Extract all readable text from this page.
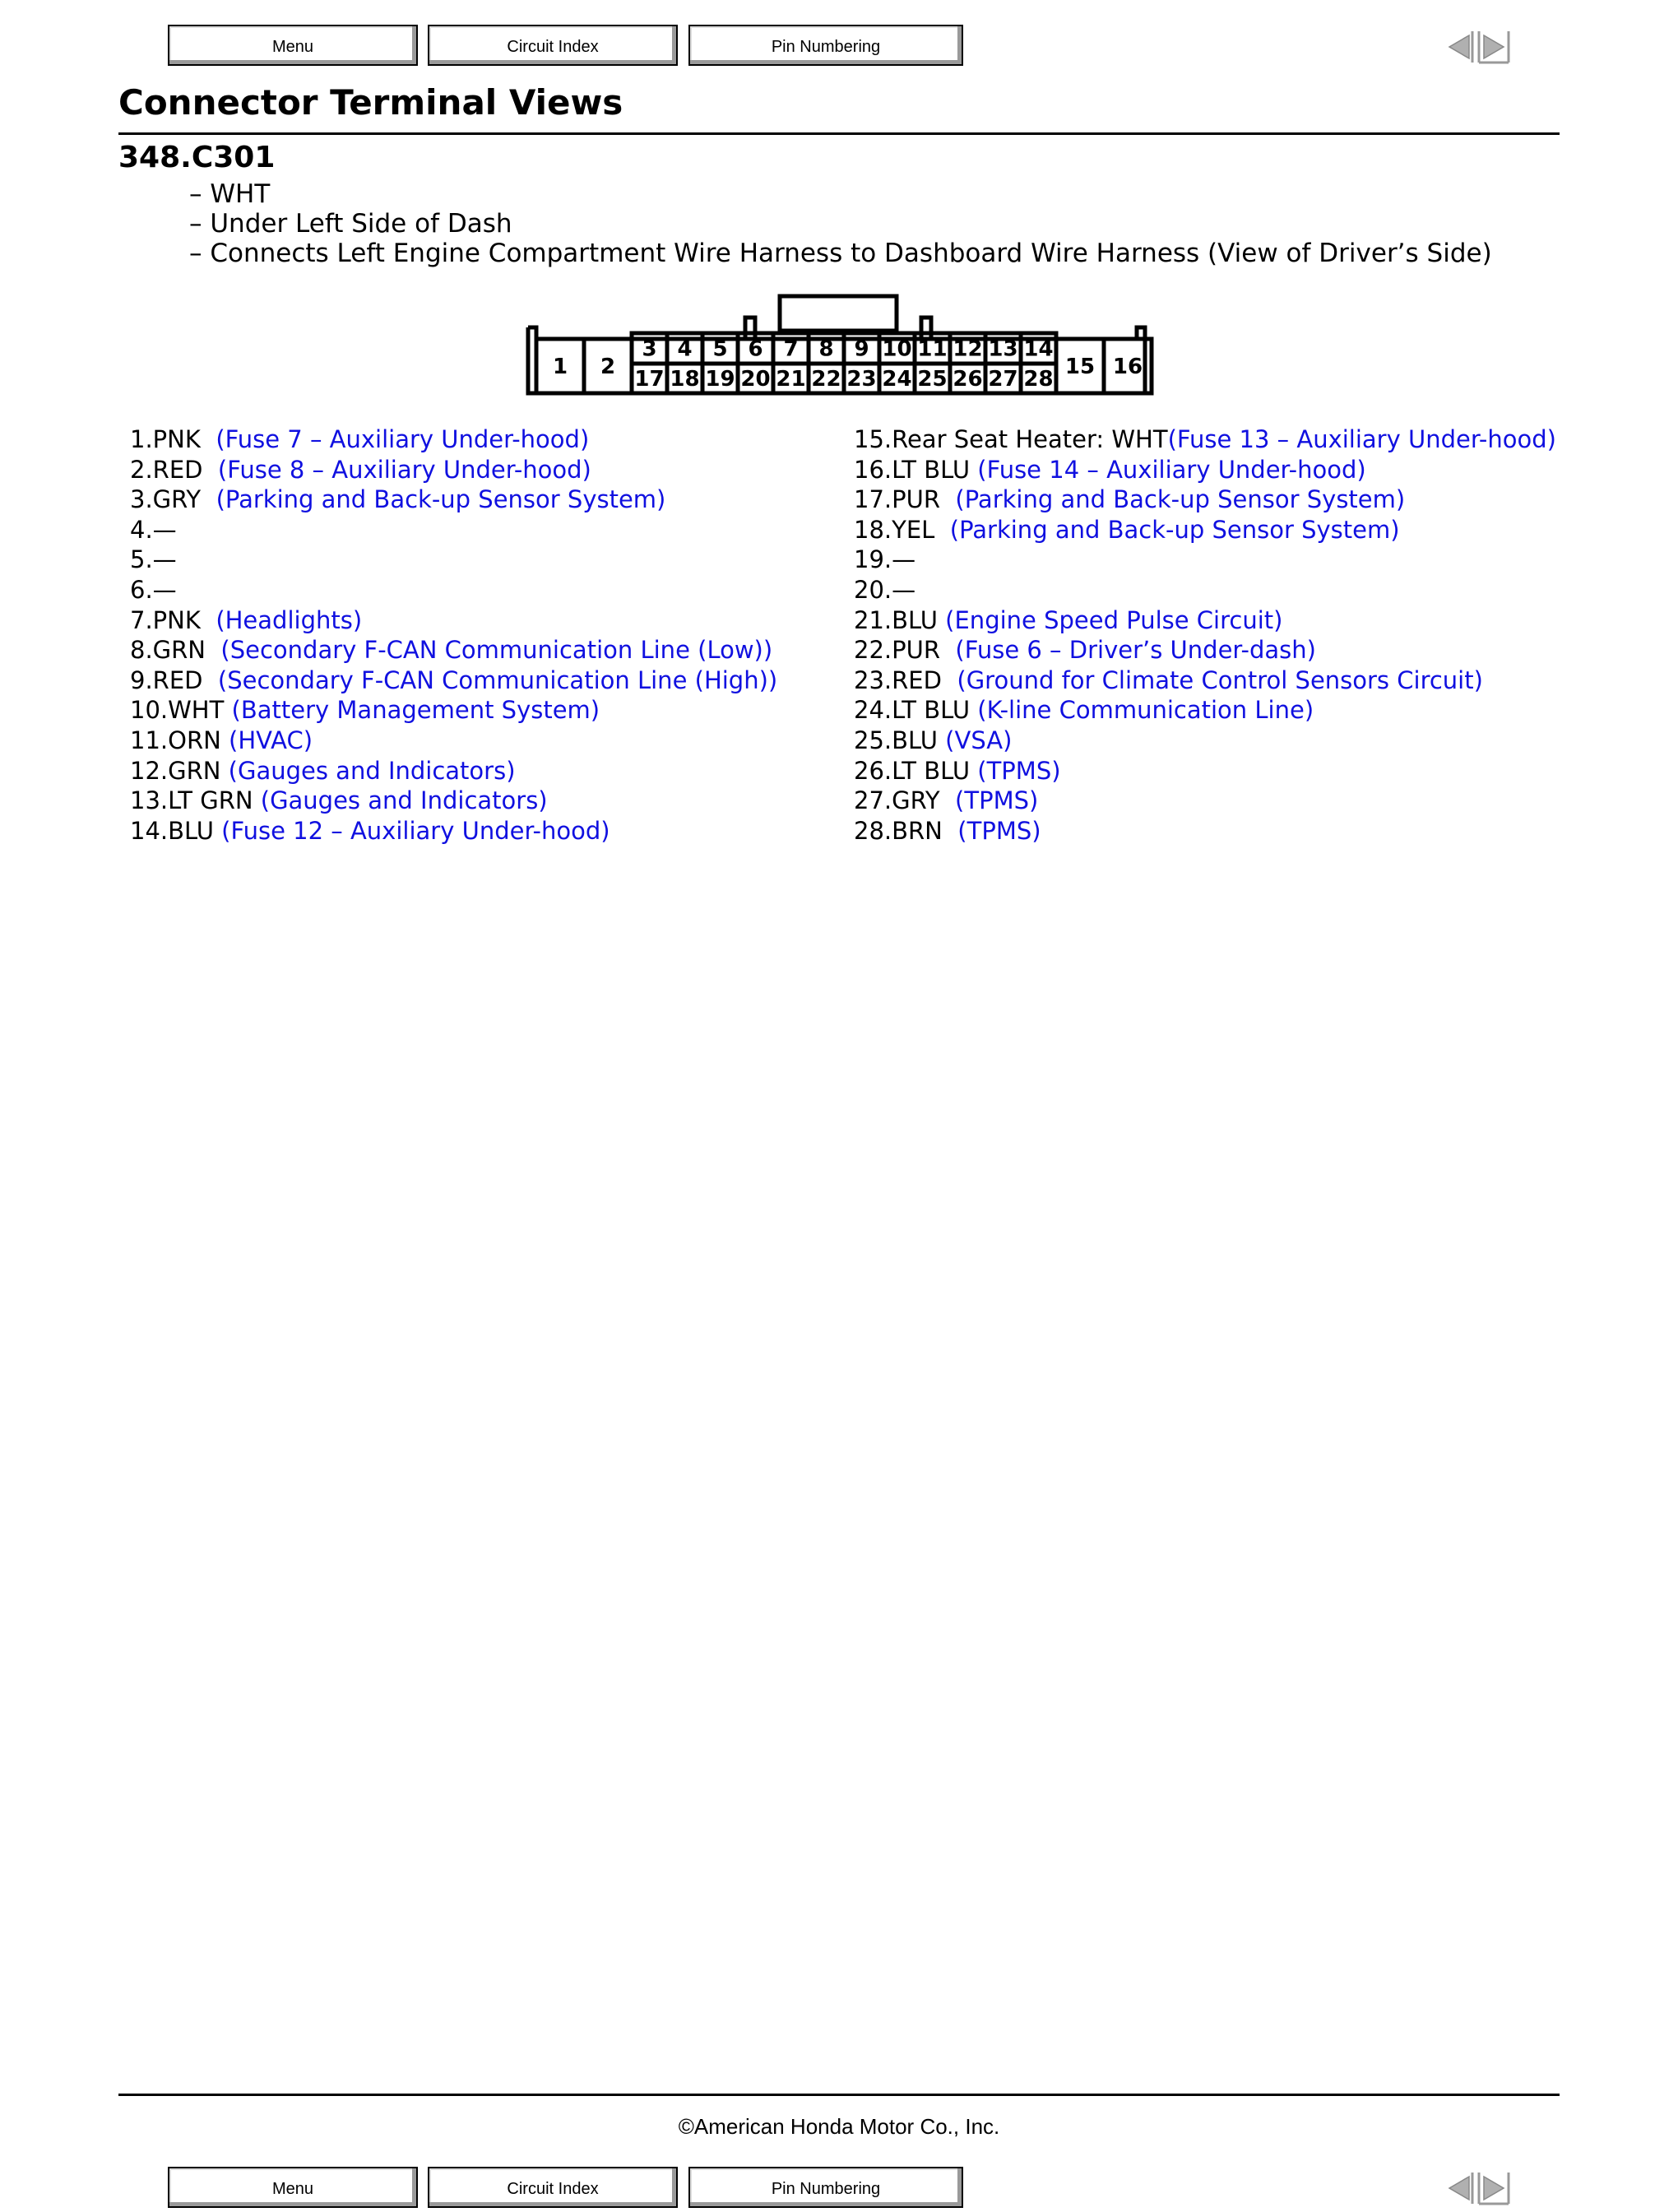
Menu	Circuit Index	Pin Numbering
Connector Terminal Views
348.C301
– WHT
– Under Left Side of Dash
– Connects Left Engine Compartment Wire Harness to Dashboard Wire Harness (View of Driver’s Side)
1 2
3 4 5 6 7 8 9 10 11 12 13 14
17 18 19 20 21 22 23 24 25 26 27 28 15 16
1.PNK  (Fuse 7 – Auxiliary Under-hood)
2.RED  (Fuse 8 – Auxiliary Under-hood)
3.GRY  (Parking and Back-up Sensor System)
4.—
5.—
6.—
7.PNK  (Headlights)
8.GRN  (Secondary F-CAN Communication Line (Low))
9.RED  (Secondary F-CAN Communication Line (High))
10.WHT (Battery Management System)
11.ORN (HVAC)
12.GRN (Gauges and Indicators)
13.LT GRN (Gauges and Indicators)
14.BLU (Fuse 12 – Auxiliary Under-hood)
15.Rear Seat Heater: WHT(Fuse 13 – Auxiliary Under-hood)
16.LT BLU (Fuse 14 – Auxiliary Under-hood)
17.PUR  (Parking and Back-up Sensor System)
18.YEL  (Parking and Back-up Sensor System)
19.—
20.—
21.BLU (Engine Speed Pulse Circuit)
22.PUR  (Fuse 6 – Driver’s Under-dash)
23.RED  (Ground for Climate Control Sensors Circuit)
24.LT BLU (K-line Communication Line)
25.BLU (VSA)
26.LT BLU (TPMS)
27.GRY  (TPMS)
28.BRN  (TPMS)
©American Honda Motor Co., Inc.
Menu	Circuit Index	Pin Numbering
